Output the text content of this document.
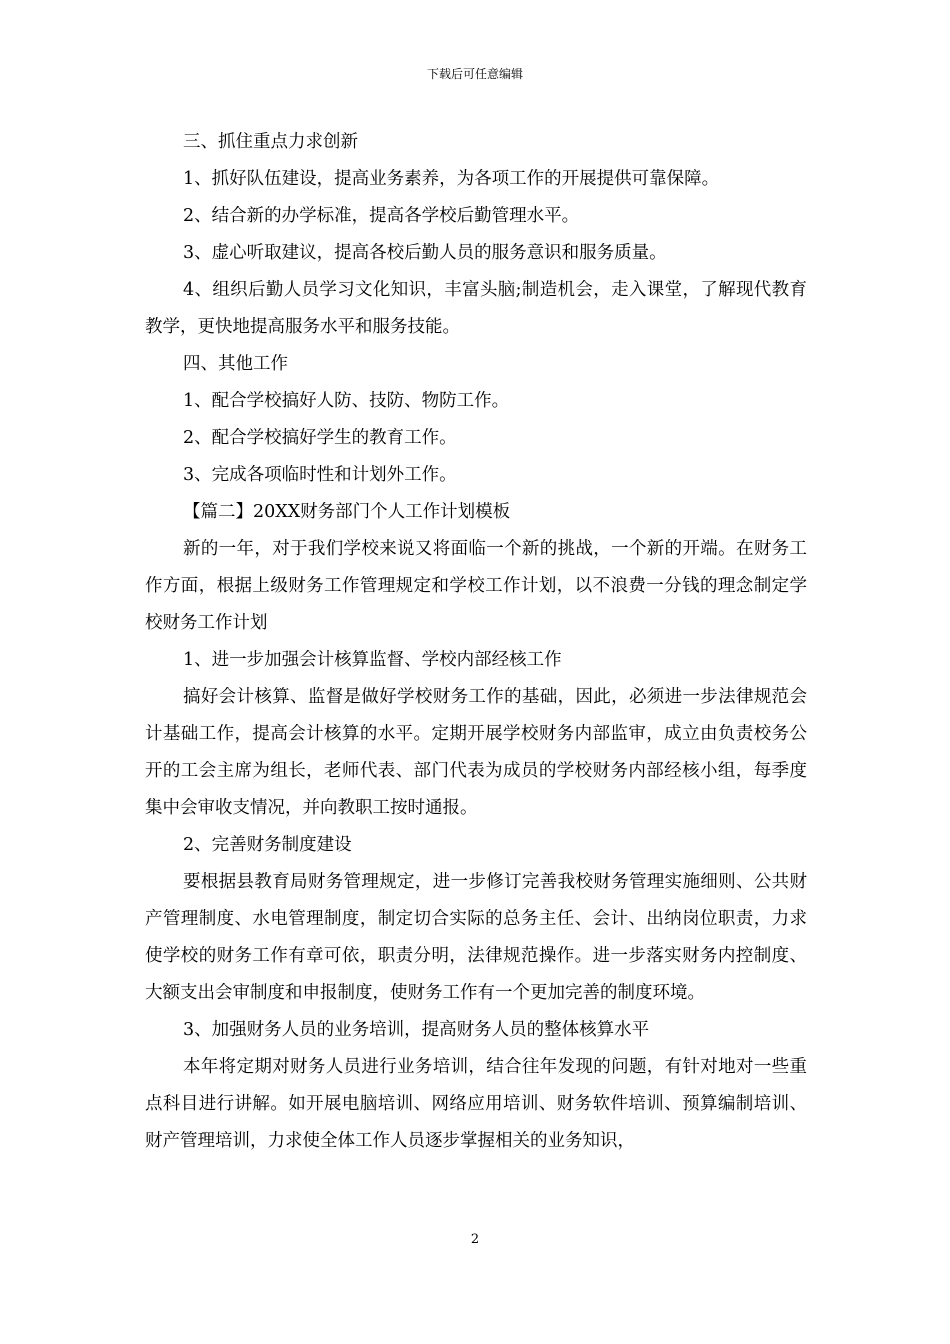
下载后可任意编辑

三、抓住重点力求创新

1、抓好队伍建设，提高业务素养，为各项工作的开展提供可靠保障。

2、结合新的办学标准，提高各学校后勤管理水平。

3、虚心听取建议，提高各校后勤人员的服务意识和服务质量。

4、组织后勤人员学习文化知识，丰富头脑;制造机会，走入课堂，了解现代教育教学，更快地提高服务水平和服务技能。

四、其他工作

1、配合学校搞好人防、技防、物防工作。

2、配合学校搞好学生的教育工作。

3、完成各项临时性和计划外工作。

【篇二】20XX财务部门个人工作计划模板

新的一年，对于我们学校来说又将面临一个新的挑战，一个新的开端。在财务工作方面，根据上级财务工作管理规定和学校工作计划，以不浪费一分钱的理念制定学校财务工作计划

1、进一步加强会计核算监督、学校内部经核工作

搞好会计核算、监督是做好学校财务工作的基础，因此，必须进一步法律规范会计基础工作，提高会计核算的水平。定期开展学校财务内部监审，成立由负责校务公开的工会主席为组长，老师代表、部门代表为成员的学校财务内部经核小组，每季度集中会审收支情况，并向教职工按时通报。

2、完善财务制度建设

要根据县教育局财务管理规定，进一步修订完善我校财务管理实施细则、公共财产管理制度、水电管理制度，制定切合实际的总务主任、会计、出纳岗位职责，力求使学校的财务工作有章可依，职责分明，法律规范操作。进一步落实财务内控制度、大额支出会审制度和申报制度，使财务工作有一个更加完善的制度环境。

3、加强财务人员的业务培训，提高财务人员的整体核算水平

本年将定期对财务人员进行业务培训，结合往年发现的问题，有针对地对一些重点科目进行讲解。如开展电脑培训、网络应用培训、财务软件培训、预算编制培训、财产管理培训，力求使全体工作人员逐步掌握相关的业务知识，

2
